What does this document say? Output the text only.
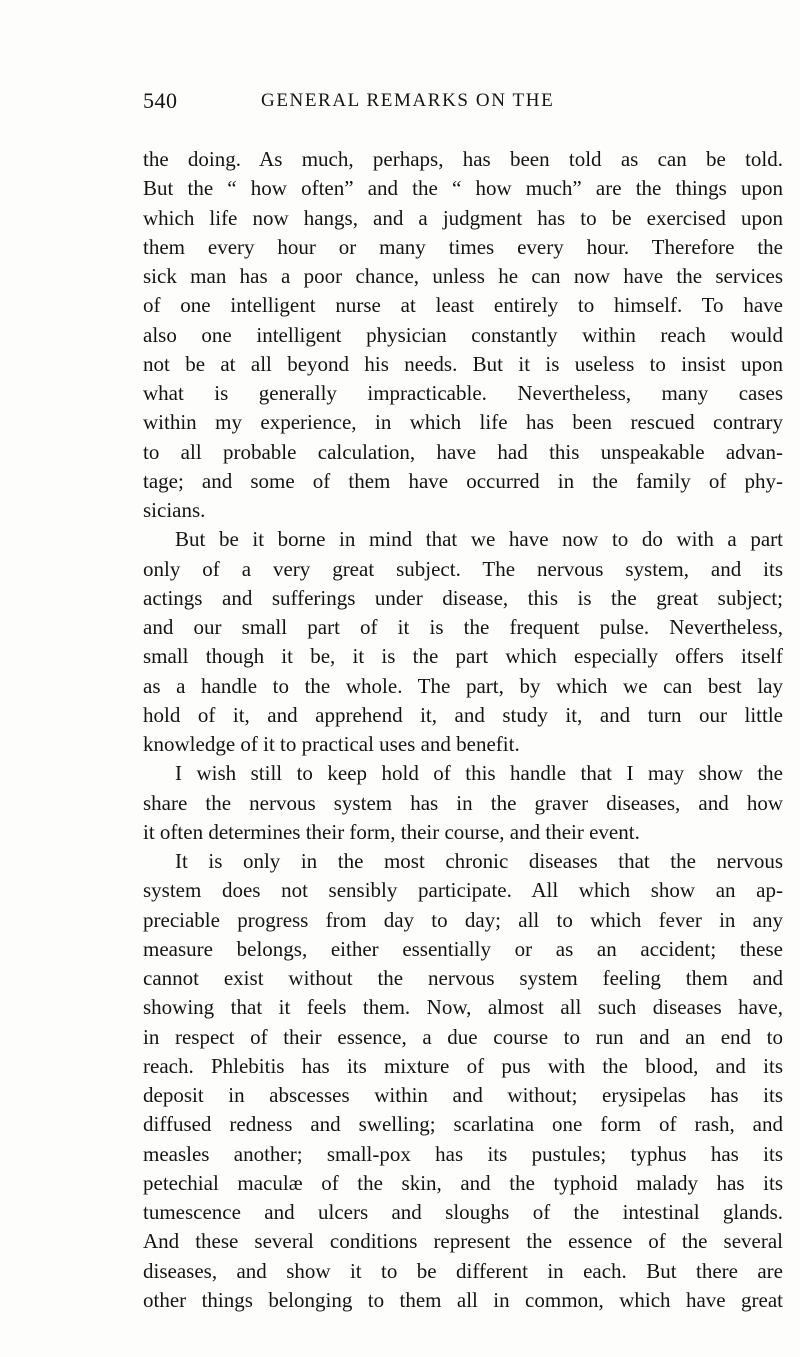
540	GENERAL REMARKS ON THE
the doing. As much, perhaps, has been told as can be told.
But the “ how often” and the “ how much” are the things upon
which life now hangs, and a judgment has to be exercised upon
them every hour or many times every hour. Therefore the
sick man has a poor chance, unless he can now have the services
of one intelligent nurse at least entirely to himself. To have
also one intelligent physician constantly within reach would
not be at all beyond his needs. But it is useless to insist upon
what is generally impracticable. Nevertheless, many cases
within my experience, in which life has been rescued contrary
to all probable calculation, have had this unspeakable advan-
tage; and some of them have occurred in the family of phy-
sicians.
But be it borne in mind that we have now to do with a part
only of a very great subject. The nervous system, and its
actings and sufferings under disease, this is the great subject;
and our small part of it is the frequent pulse. Nevertheless,
small though it be, it is the part which especially offers itself
as a handle to the whole. The part, by which we can best lay
hold of it, and apprehend it, and study it, and turn our little
knowledge of it to practical uses and benefit.
I wish still to keep hold of this handle that I may show the
share the nervous system has in the graver diseases, and how
it often determines their form, their course, and their event.
It is only in the most chronic diseases that the nervous
system does not sensibly participate. All which show an ap-
preciable progress from day to day; all to which fever in any
measure belongs, either essentially or as an accident; these
cannot exist without the nervous system feeling them and
showing that it feels them. Now, almost all such diseases have,
in respect of their essence, a due course to run and an end to
reach. Phlebitis has its mixture of pus with the blood, and its
deposit in abscesses within and without; erysipelas has its
diffused redness and swelling; scarlatina one form of rash, and
measles another; small-pox has its pustules; typhus has its
petechial maculæ of the skin, and the typhoid malady has its
tumescence and ulcers and sloughs of the intestinal glands.
And these several conditions represent the essence of the several
diseases, and show it to be different in each. But there are
other things belonging to them all in common, which have great
